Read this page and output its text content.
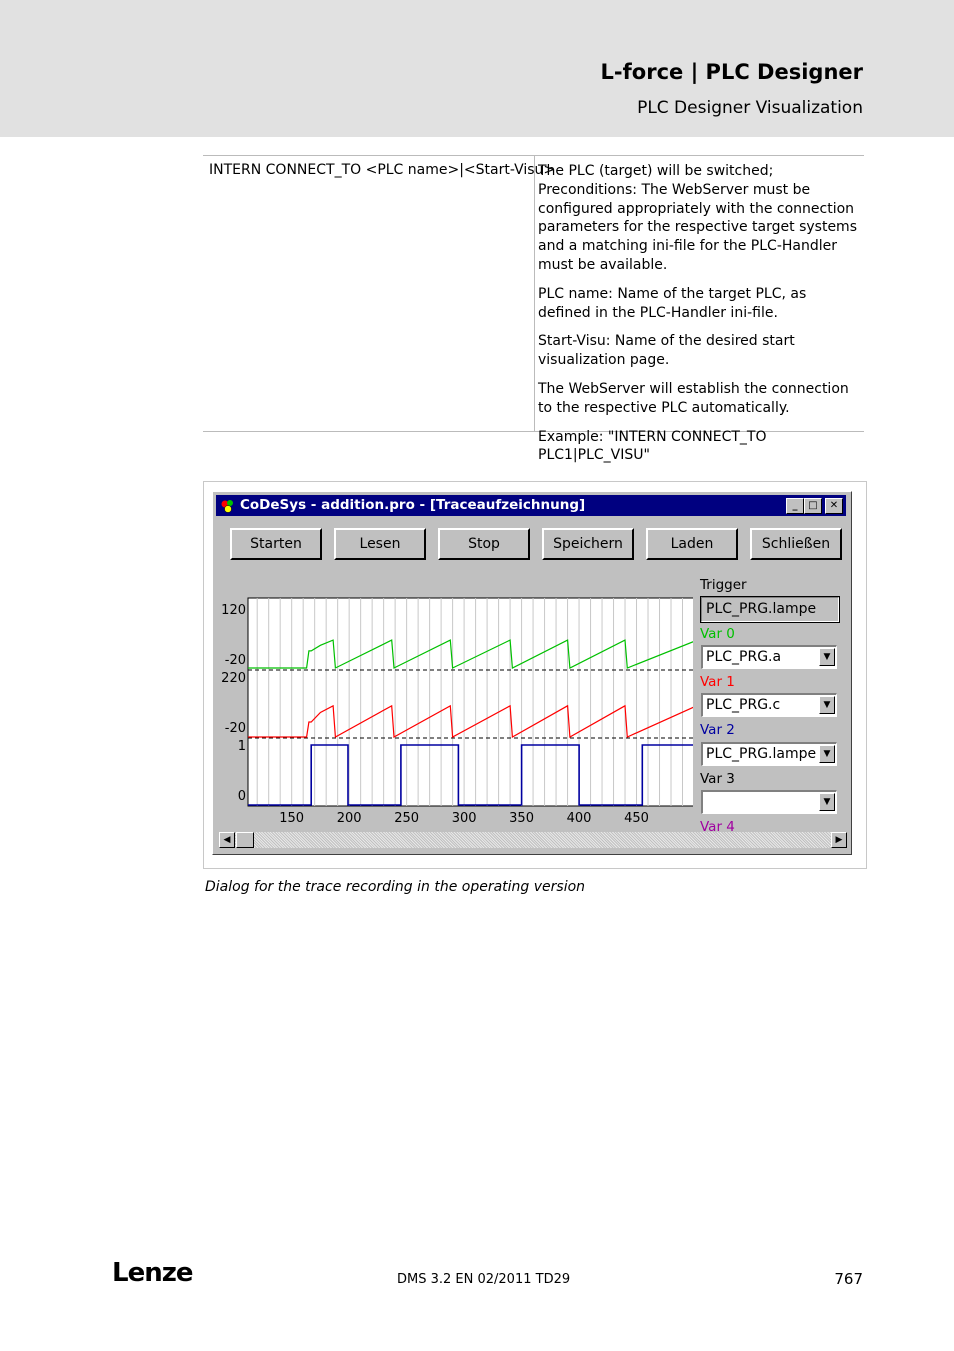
L-force | PLC Designer
PLC Designer Visualization
INTERN CONNECT_TO <PLC name>|<Start-Visu>

The PLC (target) will be switched; Preconditions: The WebServer must be configured appropriately with the connection parameters for the respective target systems and a matching ini-file for the PLC-Handler must be available.

PLC name: Name of the target PLC, as defined in the PLC-Handler ini-file.

Start-Visu: Name of the desired start visualization page.

The WebServer will establish the connection to the respective PLC automatically.

Example: "INTERN CONNECT_TO PLC1|PLC_VISU"

CoDeSys - addition.pro - [Traceaufzeichnung]	_	□	✕
Starten	Lesen	Stop	Speichern	Laden	Schließen
150	200	250	300	350	400	450
120
-20
220
-20
1
0
Trigger
PLC_PRG.lampe
Var 0
PLC_PRG.a	▼
Var 1
PLC_PRG.c	▼
Var 2
PLC_PRG.lampe ▼
Var 3
▼
Var 4
◀	▶
Dialog for the trace recording in the operating version
Lenze	DMS 3.2 EN 02/2011 TD29	767
